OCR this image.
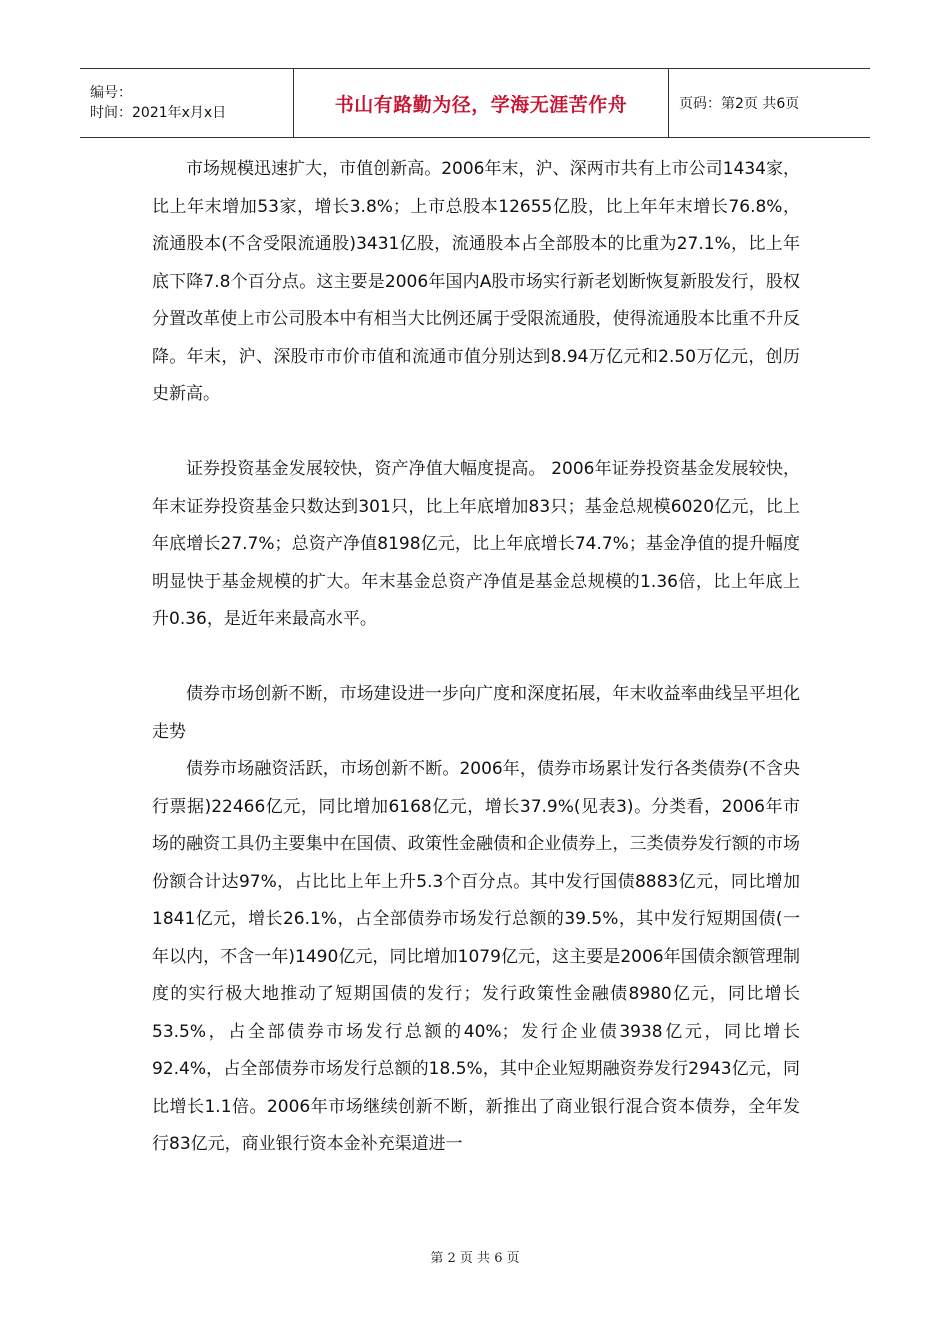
编号：
时间：2021年x月x日	书山有路勤为径，学海无涯苦作舟	页码：第2页 共6页

市场规模迅速扩大，市值创新高。2006年末，沪、深两市共有上市公司1434家，比上年末增加53家，增长3.8%；上市总股本12655亿股，比上年年末增长76.8%，流通股本(不含受限流通股)3431亿股，流通股本占全部股本的比重为27.1%，比上年底下降7.8个百分点。这主要是2006年国内A股市场实行新老划断恢复新股发行，股权分置改革使上市公司股本中有相当大比例还属于受限流通股，使得流通股本比重不升反降。年末，沪、深股市市价市值和流通市值分别达到8.94万亿元和2.50万亿元，创历史新高。

证券投资基金发展较快，资产净值大幅度提高。 2006年证券投资基金发展较快，年末证券投资基金只数达到301只，比上年底增加83只；基金总规模6020亿元，比上年底增长27.7%；总资产净值8198亿元，比上年底增长74.7%；基金净值的提升幅度明显快于基金规模的扩大。年末基金总资产净值是基金总规模的1.36倍，比上年底上升0.36，是近年来最高水平。

债券市场创新不断，市场建设进一步向广度和深度拓展，年末收益率曲线呈平坦化走势

债券市场融资活跃，市场创新不断。2006年，债券市场累计发行各类债券(不含央行票据)22466亿元，同比增加6168亿元，增长37.9%(见表3)。分类看，2006年市场的融资工具仍主要集中在国债、政策性金融债和企业债券上，三类债券发行额的市场份额合计达97%，占比比上年上升5.3个百分点。其中发行国债8883亿元，同比增加1841亿元，增长26.1%，占全部债券市场发行总额的39.5%，其中发行短期国债(一年以内，不含一年)1490亿元，同比增加1079亿元，这主要是2006年国债余额管理制度的实行极大地推动了短期国债的发行；发行政策性金融债8980亿元，同比增长 53.5%，占全部债券市场发行总额的40%；发行企业债3938亿元，同比增长 92.4%，占全部债券市场发行总额的18.5%，其中企业短期融资券发行2943亿元，同比增长1.1倍。2006年市场继续创新不断，新推出了商业银行混合资本债券，全年发行83亿元，商业银行资本金补充渠道进一

第 2 页 共 6 页
